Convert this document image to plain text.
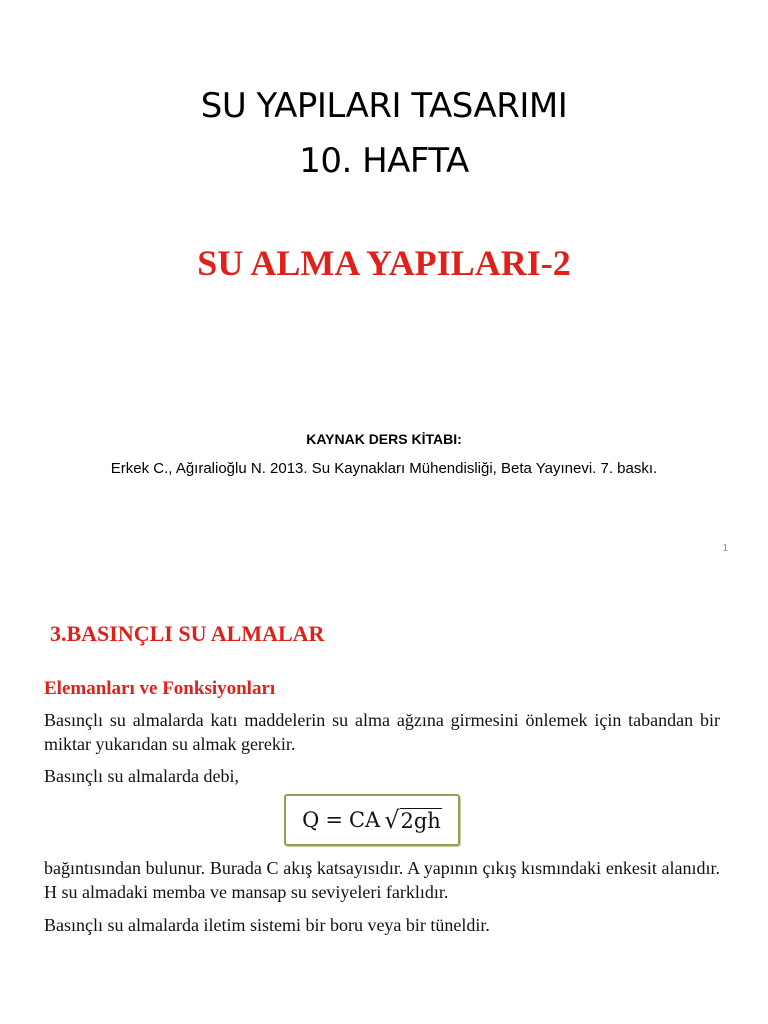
SU YAPILARI TASARIMI
10. HAFTA
SU ALMA YAPILARI-2
KAYNAK DERS KİTABI:
Erkek C., Ağıralioğlu N. 2013. Su Kaynakları Mühendisliği, Beta Yayınevi. 7. baskı.
1
3.BASINÇLI SU ALMALAR
Elemanları ve Fonksiyonları
Basınçlı su almalarda katı maddelerin su alma ağzına girmesini önlemek için tabandan bir miktar yukarıdan su almak gerekir.
Basınçlı su almalarda debi,
Q = CA √ 2gh
bağıntısından bulunur. Burada C akış katsayısıdır. A yapının çıkış kısmındaki enkesit alanıdır. H su almadaki memba ve mansap su seviyeleri farklıdır.
Basınçlı su almalarda iletim sistemi bir boru veya bir tüneldir.
